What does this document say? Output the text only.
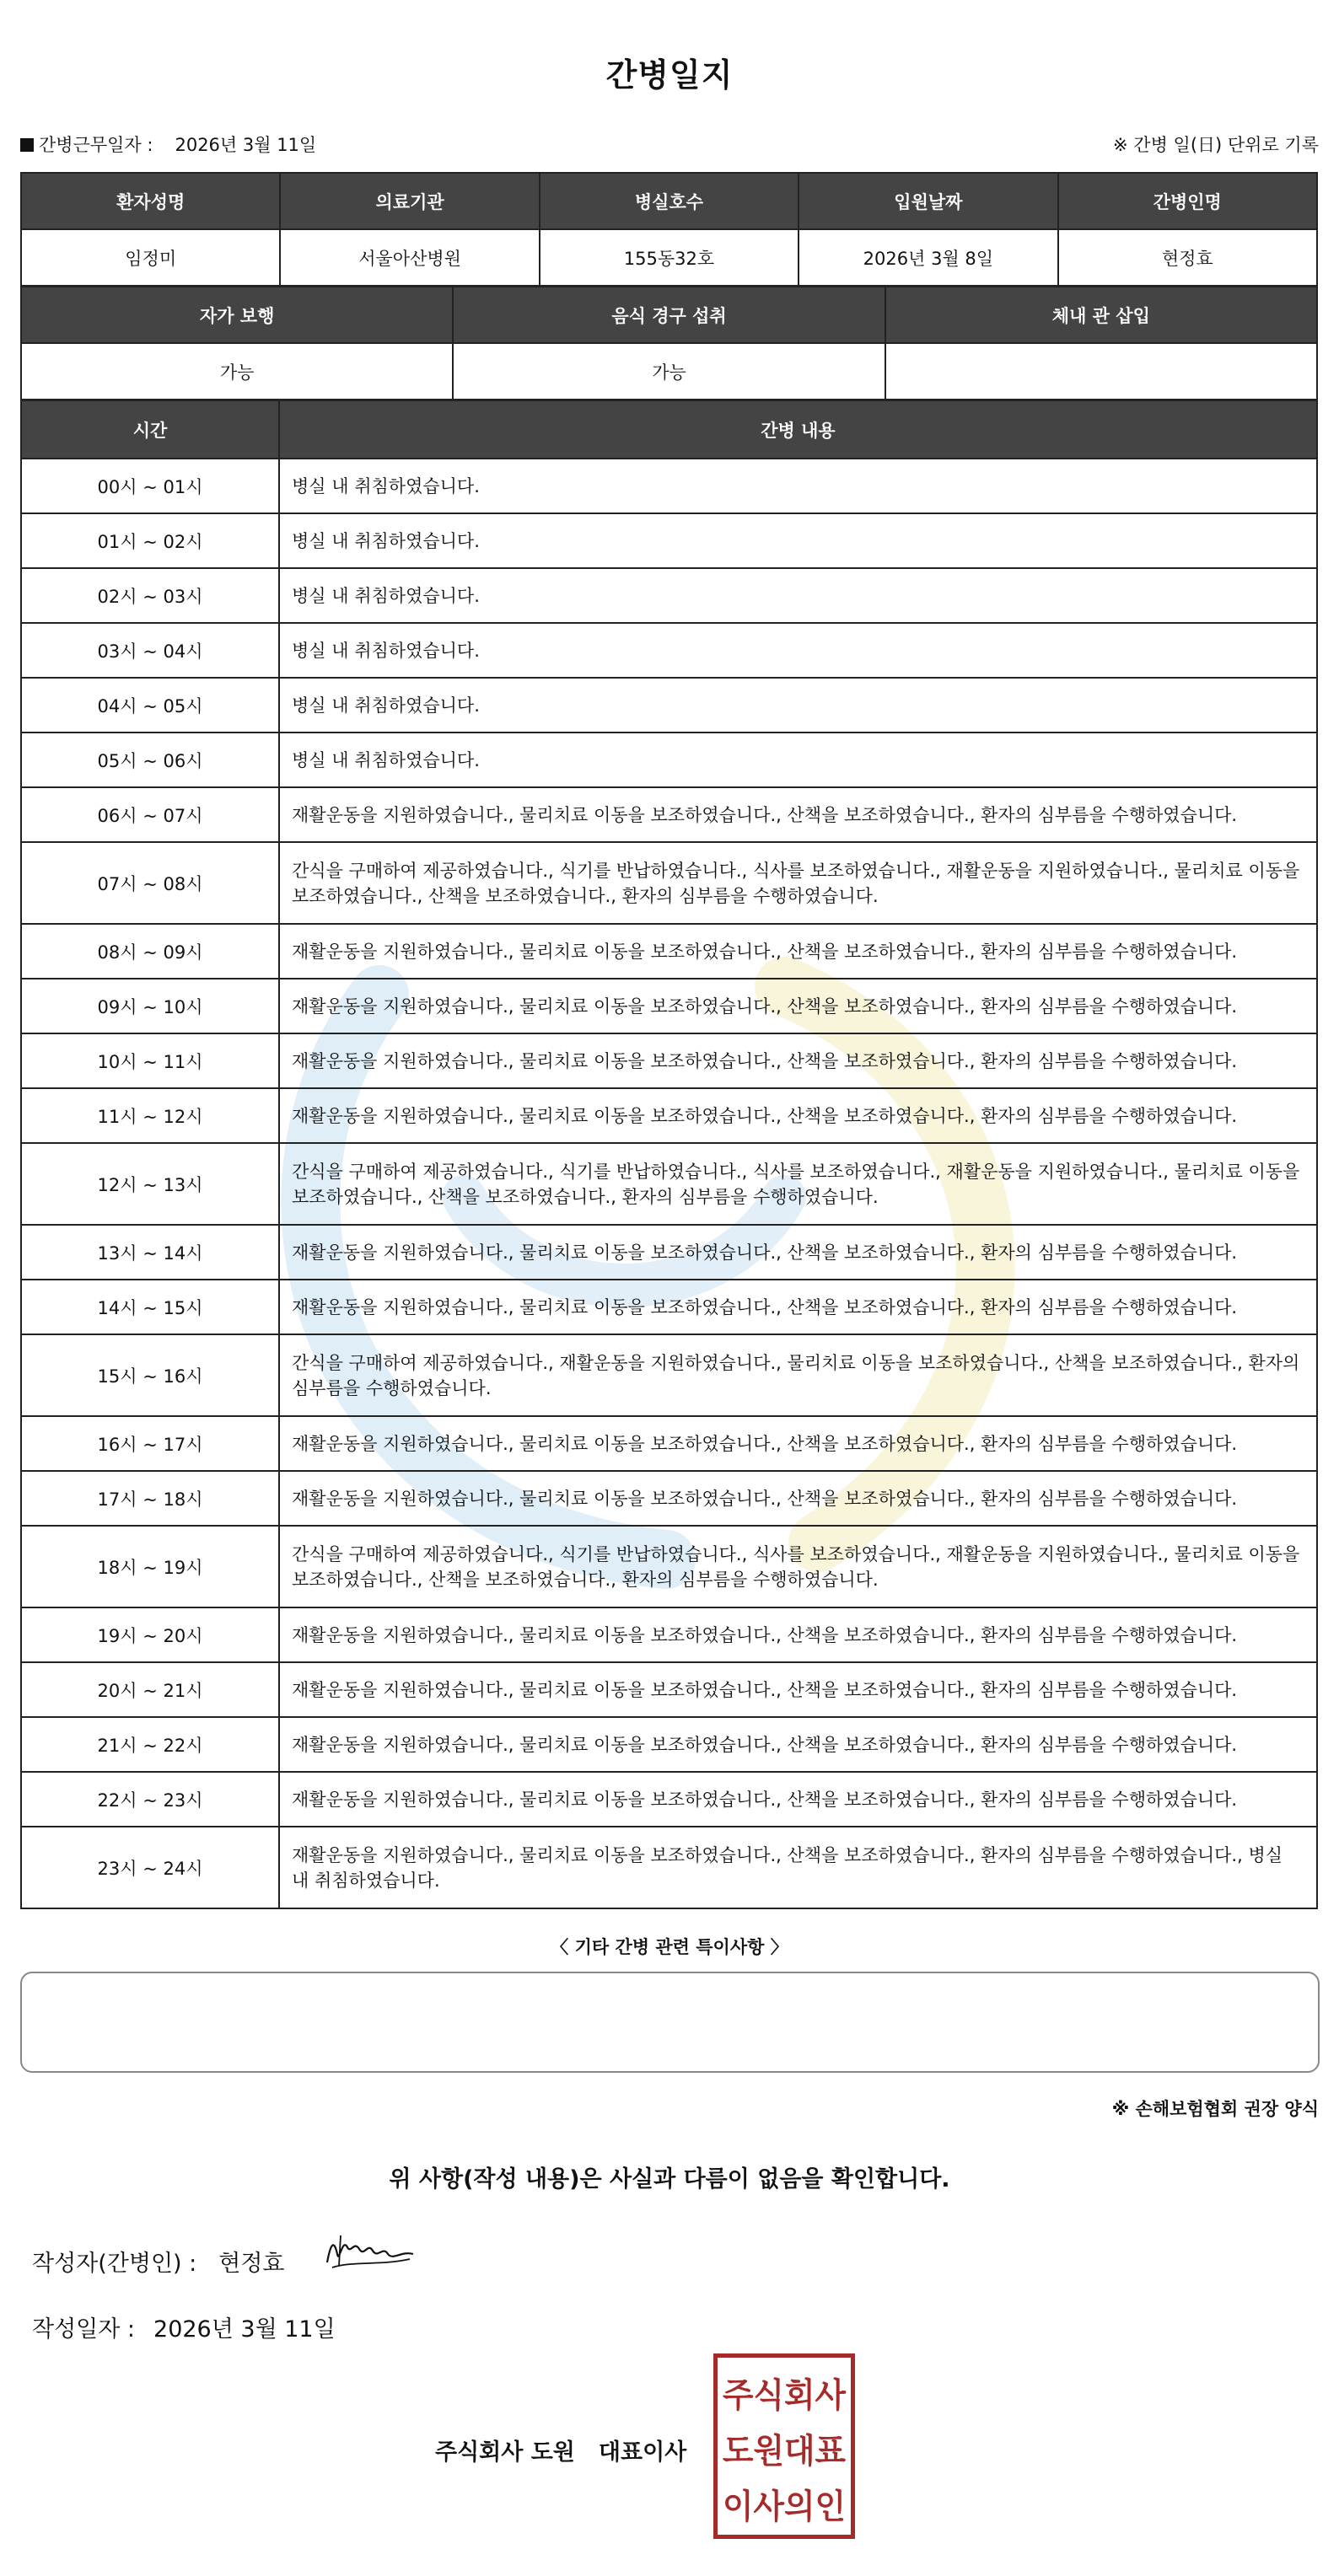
간병일지
간병근무일자 : 2026년 3월 11일	※ 간병 일(日) 단위로 기록
환자성명	의료기관	병실호수	입원날짜	간병인명
임정미	서울아산병원	155동32호	2026년 3월 8일	현정효
자가 보행	음식 경구 섭취	체내 관 삽입
가능	가능	
시간	간병 내용
00시 ~ 01시	병실 내 취침하였습니다.
01시 ~ 02시	병실 내 취침하였습니다.
02시 ~ 03시	병실 내 취침하였습니다.
03시 ~ 04시	병실 내 취침하였습니다.
04시 ~ 05시	병실 내 취침하였습니다.
05시 ~ 06시	병실 내 취침하였습니다.
06시 ~ 07시	재활운동을 지원하였습니다., 물리치료 이동을 보조하였습니다., 산책을 보조하였습니다., 환자의 심부름을 수행하였습니다.
07시 ~ 08시	간식을 구매하여 제공하였습니다., 식기를 반납하였습니다., 식사를 보조하였습니다., 재활운동을 지원하였습니다., 물리치료 이동을 보조하였습니다., 산책을 보조하였습니다., 환자의 심부름을 수행하였습니다.
08시 ~ 09시	재활운동을 지원하였습니다., 물리치료 이동을 보조하였습니다., 산책을 보조하였습니다., 환자의 심부름을 수행하였습니다.
09시 ~ 10시	재활운동을 지원하였습니다., 물리치료 이동을 보조하였습니다., 산책을 보조하였습니다., 환자의 심부름을 수행하였습니다.
10시 ~ 11시	재활운동을 지원하였습니다., 물리치료 이동을 보조하였습니다., 산책을 보조하였습니다., 환자의 심부름을 수행하였습니다.
11시 ~ 12시	재활운동을 지원하였습니다., 물리치료 이동을 보조하였습니다., 산책을 보조하였습니다., 환자의 심부름을 수행하였습니다.
12시 ~ 13시	간식을 구매하여 제공하였습니다., 식기를 반납하였습니다., 식사를 보조하였습니다., 재활운동을 지원하였습니다., 물리치료 이동을 보조하였습니다., 산책을 보조하였습니다., 환자의 심부름을 수행하였습니다.
13시 ~ 14시	재활운동을 지원하였습니다., 물리치료 이동을 보조하였습니다., 산책을 보조하였습니다., 환자의 심부름을 수행하였습니다.
14시 ~ 15시	재활운동을 지원하였습니다., 물리치료 이동을 보조하였습니다., 산책을 보조하였습니다., 환자의 심부름을 수행하였습니다.
15시 ~ 16시	간식을 구매하여 제공하였습니다., 재활운동을 지원하였습니다., 물리치료 이동을 보조하였습니다., 산책을 보조하였습니다., 환자의 심부름을 수행하였습니다.
16시 ~ 17시	재활운동을 지원하였습니다., 물리치료 이동을 보조하였습니다., 산책을 보조하였습니다., 환자의 심부름을 수행하였습니다.
17시 ~ 18시	재활운동을 지원하였습니다., 물리치료 이동을 보조하였습니다., 산책을 보조하였습니다., 환자의 심부름을 수행하였습니다.
18시 ~ 19시	간식을 구매하여 제공하였습니다., 식기를 반납하였습니다., 식사를 보조하였습니다., 재활운동을 지원하였습니다., 물리치료 이동을 보조하였습니다., 산책을 보조하였습니다., 환자의 심부름을 수행하였습니다.
19시 ~ 20시	재활운동을 지원하였습니다., 물리치료 이동을 보조하였습니다., 산책을 보조하였습니다., 환자의 심부름을 수행하였습니다.
20시 ~ 21시	재활운동을 지원하였습니다., 물리치료 이동을 보조하였습니다., 산책을 보조하였습니다., 환자의 심부름을 수행하였습니다.
21시 ~ 22시	재활운동을 지원하였습니다., 물리치료 이동을 보조하였습니다., 산책을 보조하였습니다., 환자의 심부름을 수행하였습니다.
22시 ~ 23시	재활운동을 지원하였습니다., 물리치료 이동을 보조하였습니다., 산책을 보조하였습니다., 환자의 심부름을 수행하였습니다.
23시 ~ 24시	재활운동을 지원하였습니다., 물리치료 이동을 보조하였습니다., 산책을 보조하였습니다., 환자의 심부름을 수행하였습니다., 병실 내 취침하였습니다.
〈 기타 간병 관련 특이사항 〉
※ 손해보험협회 권장 양식
위 사항(작성 내용)은 사실과 다름이 없음을 확인합니다.
작성자(간병인) : 현정효
작성일자 : 2026년 3월 11일
주식회사 도원 대표이사
주식회사
도원대표
이사의인
